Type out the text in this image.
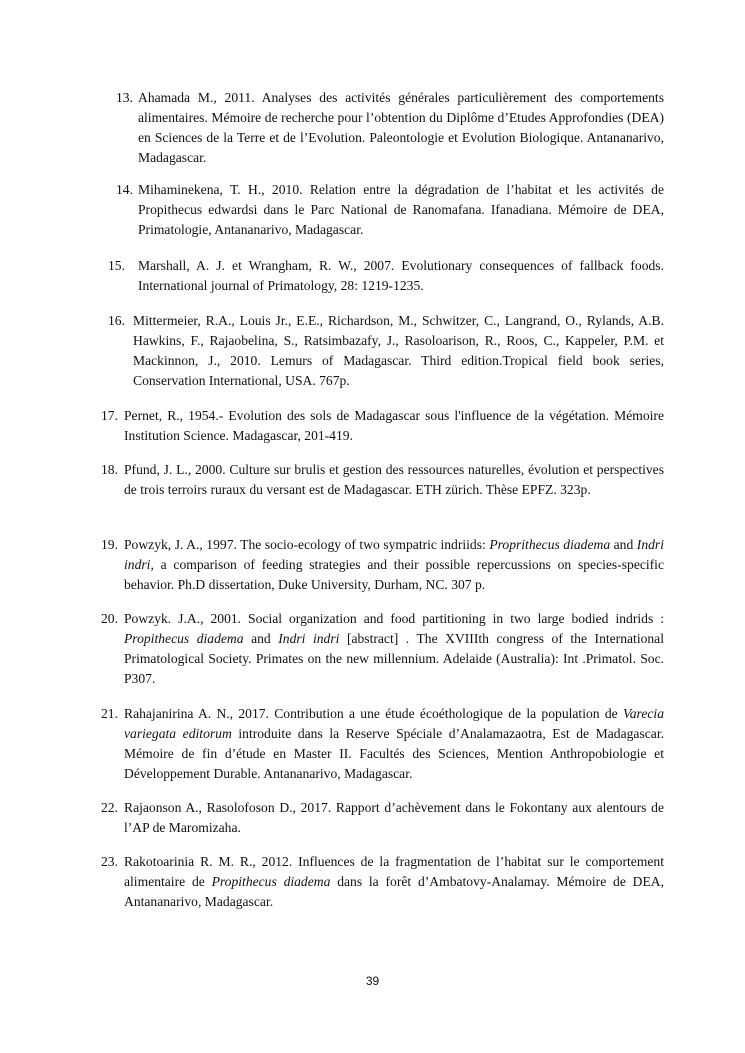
13. Ahamada M., 2011. Analyses des activités générales particulièrement des comportements alimentaires. Mémoire de recherche pour l’obtention du Diplôme d’Etudes Approfondies (DEA) en Sciences de la Terre et de l’Evolution. Paleontologie et Evolution Biologique. Antananarivo, Madagascar.
14. Mihaminekena, T. H., 2010. Relation entre la dégradation de l’habitat et les activités de Propithecus edwardsi dans le Parc National de Ranomafana. Ifanadiana. Mémoire de DEA, Primatologie, Antananarivo, Madagascar.
15. Marshall, A. J. et Wrangham, R. W., 2007. Evolutionary consequences of fallback foods. International journal of Primatology, 28: 1219-1235.
16. Mittermeier, R.A., Louis Jr., E.E., Richardson, M., Schwitzer, C., Langrand, O., Rylands, A.B. Hawkins, F., Rajaobelina, S., Ratsimbazafy, J., Rasoloarison, R., Roos, C., Kappeler, P.M. et Mackinnon, J., 2010. Lemurs of Madagascar. Third edition.Tropical field book series, Conservation International, USA. 767p.
17. Pernet, R., 1954.- Evolution des sols de Madagascar sous l'influence de la végétation. Mémoire Institution Science. Madagascar, 201-419.
18. Pfund, J. L., 2000. Culture sur brulis et gestion des ressources naturelles, évolution et perspectives de trois terroirs ruraux du versant est de Madagascar. ETH zürich. Thèse EPFZ. 323p.
19. Powzyk, J. A., 1997. The socio-ecology of two sympatric indriids: Proprithecus diadema and Indri indri, a comparison of feeding strategies and their possible repercussions on species-specific behavior. Ph.D dissertation, Duke University, Durham, NC. 307 p.
20. Powzyk. J.A., 2001. Social organization and food partitioning in two large bodied indrids : Propithecus diadema and Indri indri [abstract] . The XVIIIth congress of the International Primatological Society. Primates on the new millennium. Adelaide (Australia): Int .Primatol. Soc. P307.
21. Rahajanirina A. N., 2017. Contribution a une étude écoéthologique de la population de Varecia variegata editorum introduite dans la Reserve Spéciale d’Analamazaotra, Est de Madagascar. Mémoire de fin d’étude en Master II. Facultés des Sciences, Mention Anthropobiologie et Développement Durable. Antananarivo, Madagascar.
22. Rajaonson A., Rasolofoson D., 2017. Rapport d’achèvement dans le Fokontany aux alentours de l’AP de Maromizaha.
23. Rakotoarinia R. M. R., 2012. Influences de la fragmentation de l’habitat sur le comportement alimentaire de Propithecus diadema dans la forêt d’Ambatovy-Analamay. Mémoire de DEA, Antananarivo, Madagascar.
39
